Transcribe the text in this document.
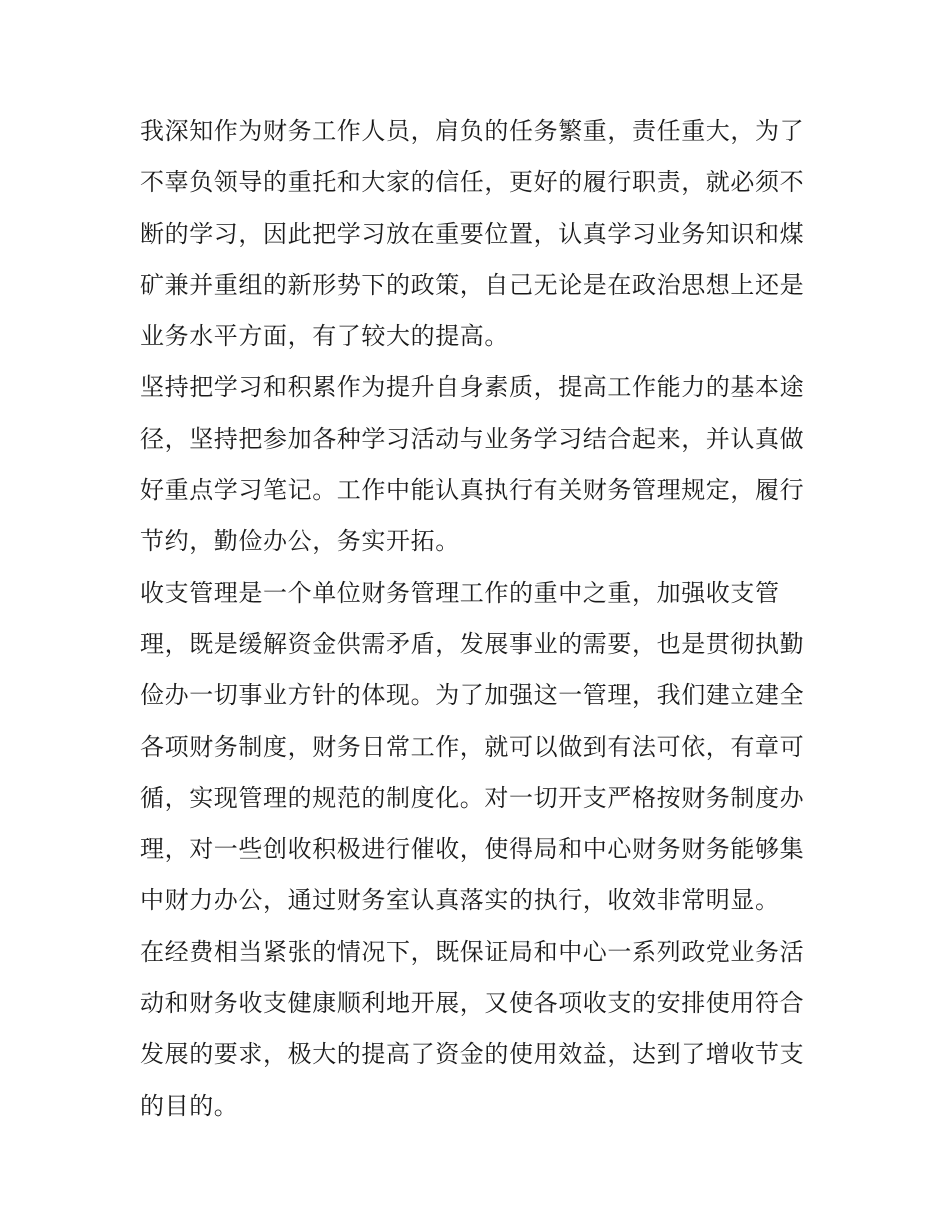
我深知作为财务工作人员，肩负的任务繁重，责任重大，为了
不辜负领导的重托和大家的信任，更好的履行职责，就必须不
断的学习，因此把学习放在重要位置，认真学习业务知识和煤
矿兼并重组的新形势下的政策，自己无论是在政治思想上还是
业务水平方面，有了较大的提高。
坚持把学习和积累作为提升自身素质，提高工作能力的基本途
径，坚持把参加各种学习活动与业务学习结合起来，并认真做
好重点学习笔记。工作中能认真执行有关财务管理规定，履行
节约，勤俭办公，务实开拓。
收支管理是一个单位财务管理工作的重中之重，加强收支管
理，既是缓解资金供需矛盾，发展事业的需要，也是贯彻执勤
俭办一切事业方针的体现。为了加强这一管理，我们建立建全
各项财务制度，财务日常工作，就可以做到有法可依，有章可
循，实现管理的规范的制度化。对一切开支严格按财务制度办
理，对一些创收积极进行催收，使得局和中心财务财务能够集
中财力办公，通过财务室认真落实的执行，收效非常明显。
在经费相当紧张的情况下，既保证局和中心一系列政党业务活
动和财务收支健康顺利地开展，又使各项收支的安排使用符合
发展的要求，极大的提高了资金的使用效益，达到了增收节支
的目的。
